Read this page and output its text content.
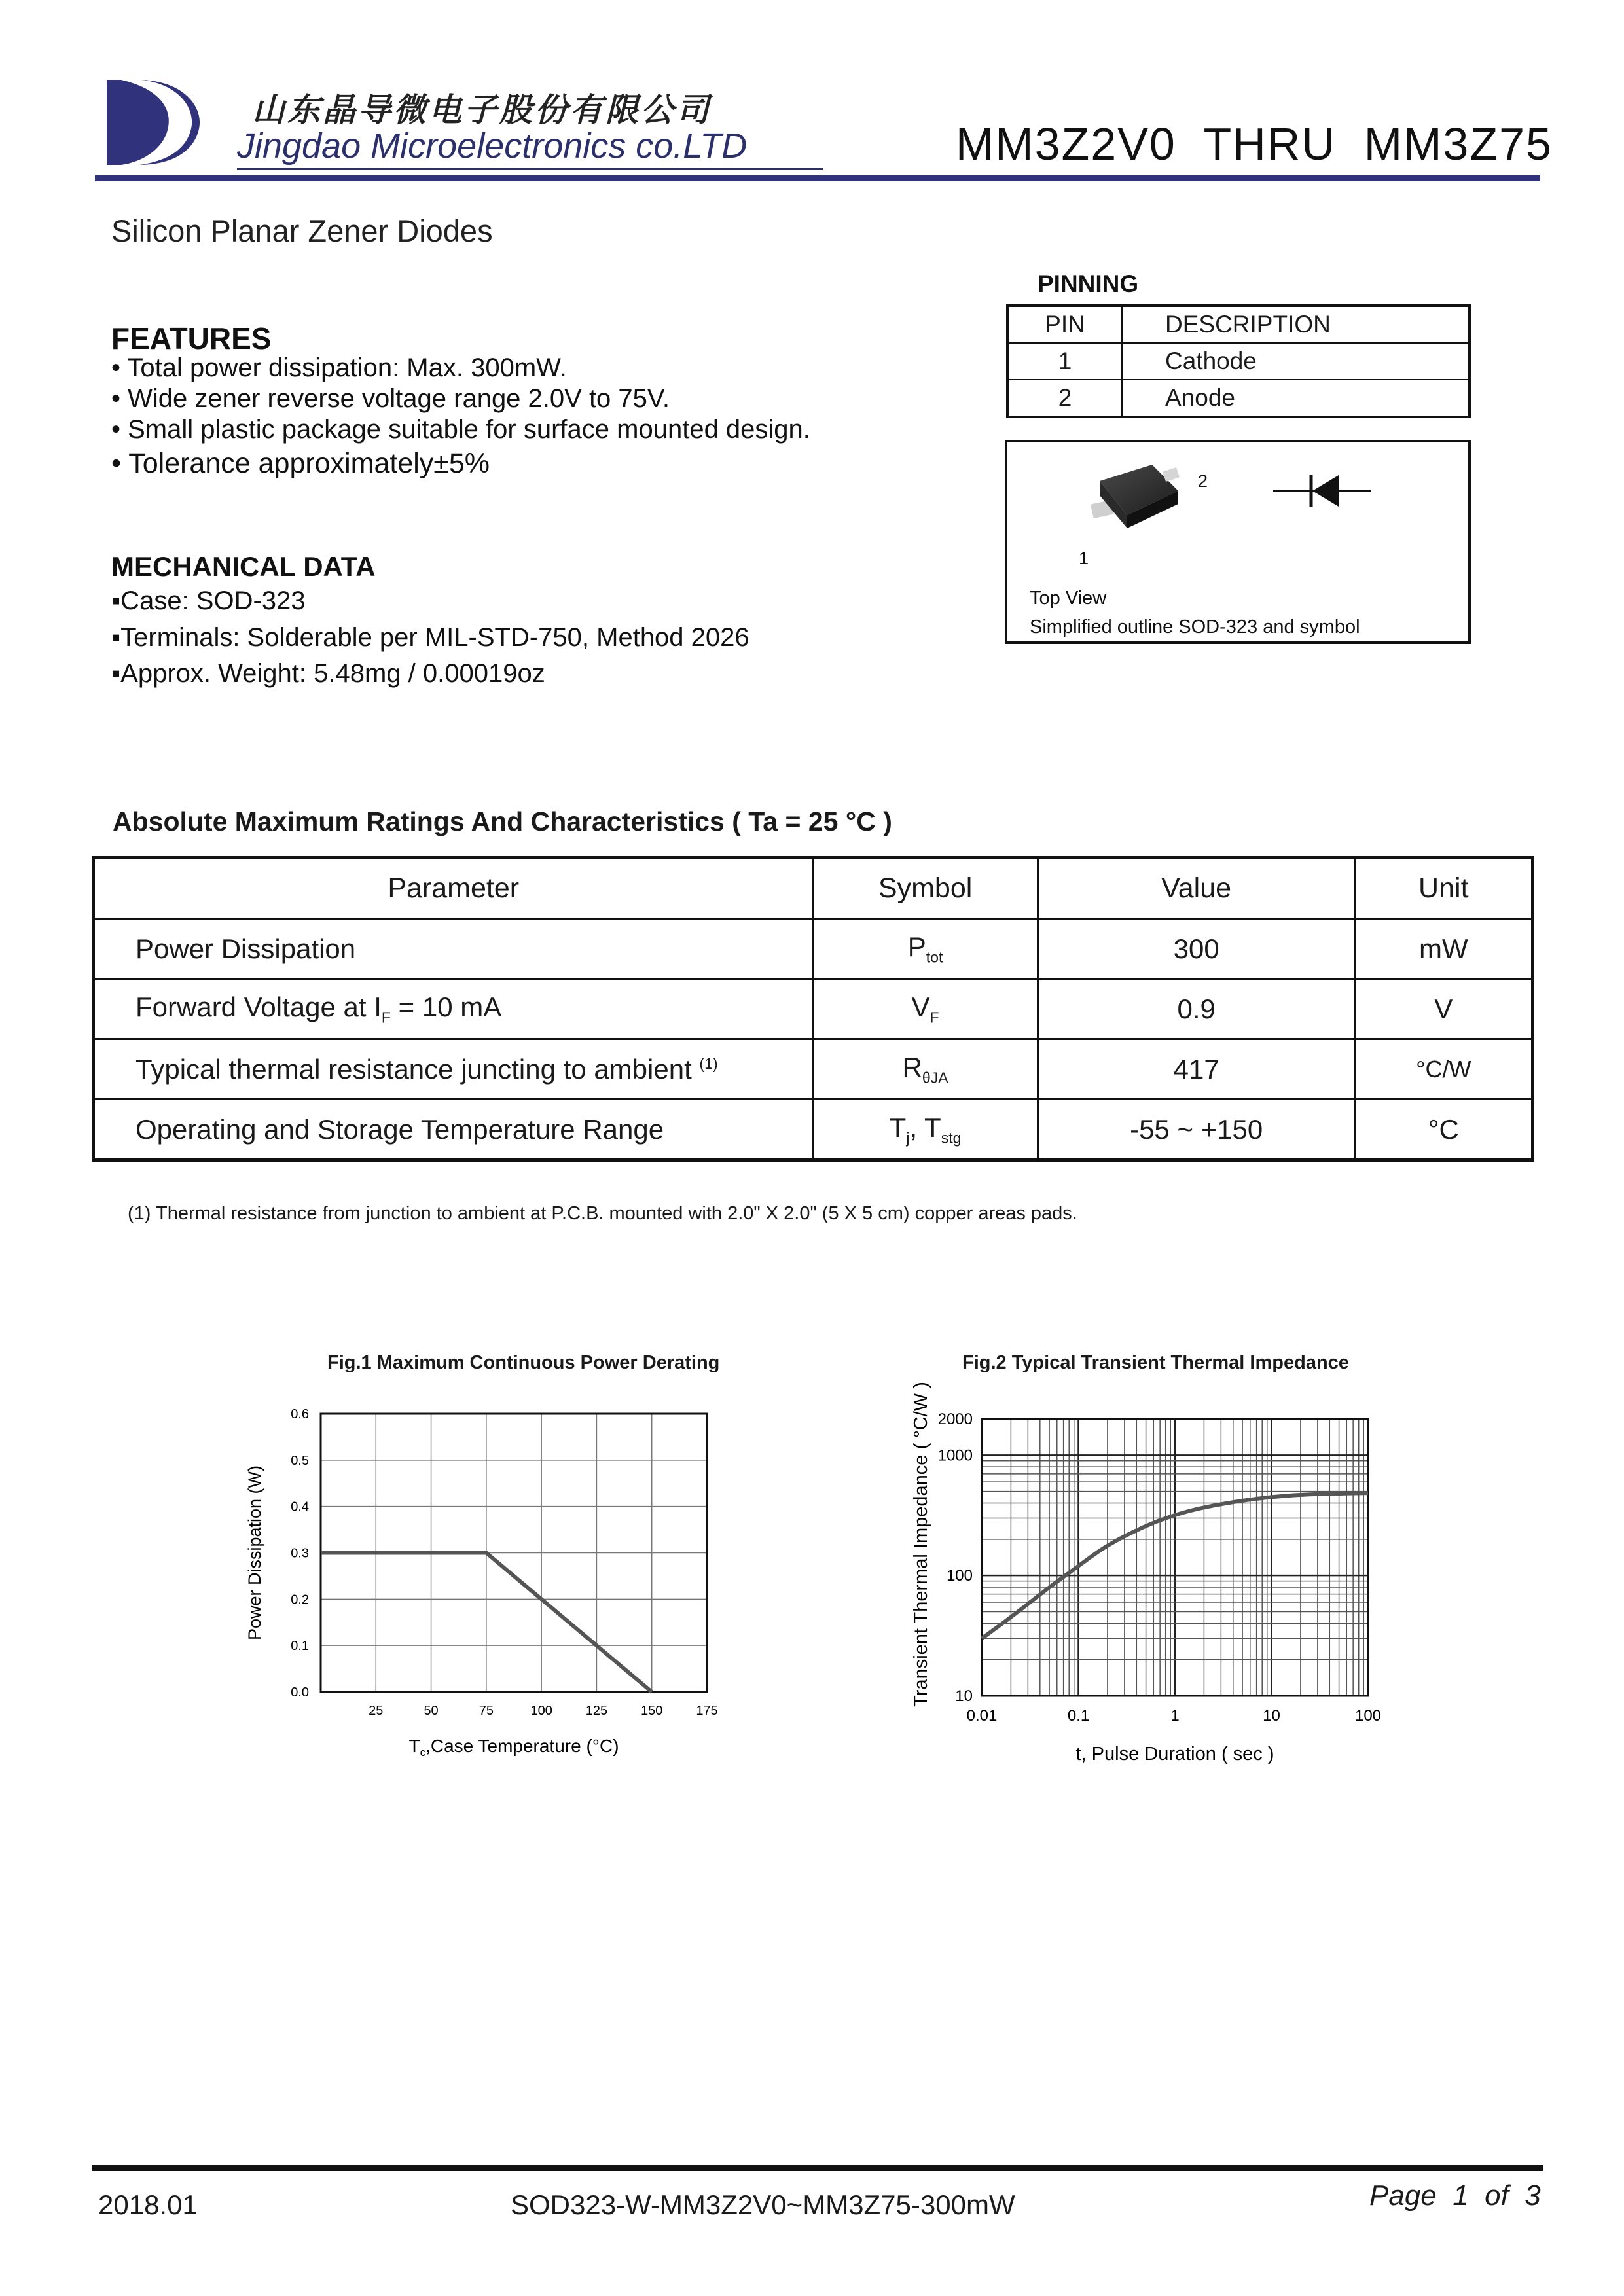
山东晶导微电子股份有限公司
Jingdao Microelectronics co.LTD	MM3Z2V0  THRU  MM3Z75
Silicon Planar Zener Diodes
FEATURES
• Total power dissipation: Max. 300mW.
• Wide zener reverse voltage range 2.0V to 75V.
• Small plastic package suitable for surface mounted design.
• Tolerance approximately±5%
MECHANICAL DATA
▪Case: SOD-323
▪Terminals: Solderable per MIL-STD-750, Method 2026
▪Approx. Weight: 5.48mg / 0.00019oz
PINNING
PIN	DESCRIPTION
1	Cathode
2	Anode
2
1
Top View
Simplified outline SOD-323 and symbol
Absolute Maximum Ratings And Characteristics ( Ta = 25 °C )
Parameter	Symbol	Value	Unit
Power Dissipation	$P_{tot}$	300	mW
Forward Voltage at $I_F = 10$ mA	$V_F$	0.9	V
Typical thermal resistance juncting to ambient $^{(1)}$	$R_{\theta JA}$	417	°C/W
Operating and Storage Temperature Range	$T_j$, $T_{stg}$	-55 ~ +150	°C
(1) Thermal resistance from junction to ambient at P.C.B. mounted with 2.0" X 2.0" (5 X 5 cm) copper areas pads.
Fig.1 Maximum Continuous Power Derating
25	50	75	100	125	150	175
0.0
0.1
0.2
0.3
0.4
0.5
0.6
$T_c,Case$ Temperature (°C)
Power Dissipation (W)
Fig.2 Typical Transient Thermal Impedance
0.01	0.1	1	10	100
10
100
1000
2000
t, Pulse Duration ( sec )
Transient Thermal Impedance ( °C/W )
2018.01	SOD323-W-MM3Z2V0~MM3Z75-300mW	Page  1  of  3
